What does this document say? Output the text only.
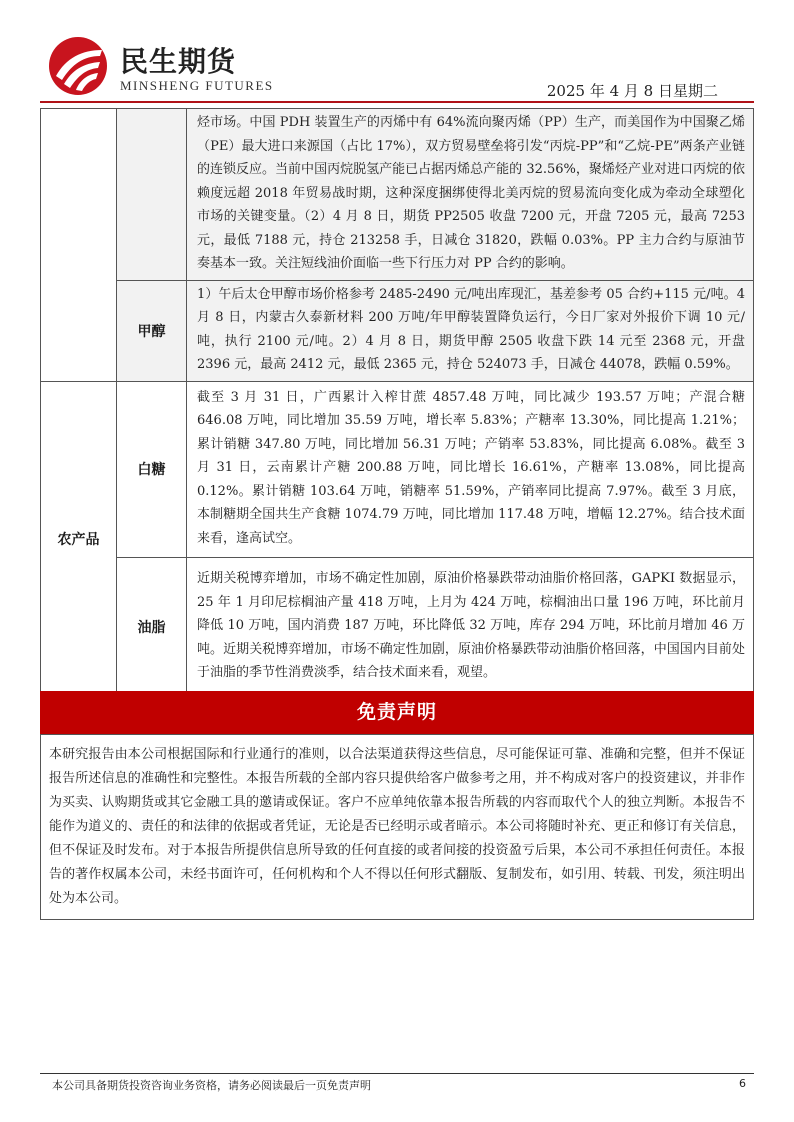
民生期货
MINSHENG FUTURES	2025 年 4 月 8 日星期二
		烃市场。中国 PDH 装置生产的丙烯中有 64%流向聚丙烯（PP）生产，而美国作为中国聚乙烯（PE）最大进口来源国（占比 17%），双方贸易壁垒将引发“丙烷-PP”和“乙烷-PE”两条产业链的连锁反应。当前中国丙烷脱氢产能已占据丙烯总产能的 32.56%，聚烯烃产业对进口丙烷的依赖度远超 2018 年贸易战时期，这种深度捆绑使得北美丙烷的贸易流向变化成为牵动全球塑化市场的关键变量。（2）4 月 8 日，期货 PP2505 收盘 7200 元，开盘 7205 元，最高 7253 元，最低 7188 元，持仓 213258 手，日减仓 31820，跌幅 0.03%。PP 主力合约与原油节奏基本一致。关注短线油价面临一些下行压力对 PP 合约的影响。
	甲醇	1）午后太仓甲醇市场价格参考 2485-2490 元/吨出库现汇，基差参考 05 合约+115 元/吨。4 月 8 日，内蒙古久泰新材料 200 万吨/年甲醇装置降负运行，今日厂家对外报价下调 10 元/吨，执行 2100 元/吨。2）4 月 8 日，期货甲醇 2505 收盘下跌 14 元至 2368 元，开盘 2396 元，最高 2412 元，最低 2365 元，持仓 524073 手，日减仓 44078，跌幅 0.59%。
农产品	白糖	截至 3 月 31 日，广西累计入榨甘蔗 4857.48 万吨，同比减少 193.57 万吨；产混合糖 646.08 万吨，同比增加 35.59 万吨，增长率 5.83%；产糖率 13.30%，同比提高 1.21%；累计销糖 347.80 万吨，同比增加 56.31 万吨；产销率 53.83%，同比提高 6.08%。截至 3 月 31 日，云南累计产糖 200.88 万吨，同比增长 16.61%，产糖率 13.08%，同比提高 0.12%。累计销糖 103.64 万吨，销糖率 51.59%，产销率同比提高 7.97%。截至 3 月底，本制糖期全国共生产食糖 1074.79 万吨，同比增加 117.48 万吨，增幅 12.27%。结合技术面来看，逢高试空。
	油脂	近期关税博弈增加，市场不确定性加剧，原油价格暴跌带动油脂价格回落，GAPKI 数据显示，25 年 1 月印尼棕榈油产量 418 万吨，上月为 424 万吨，棕榈油出口量 196 万吨，环比前月降低 10 万吨，国内消费 187 万吨，环比降低 32 万吨，库存 294 万吨，环比前月增加 46 万吨。近期关税博弈增加，市场不确定性加剧，原油价格暴跌带动油脂价格回落，中国国内目前处于油脂的季节性消费淡季，结合技术面来看，观望。
免责声明
本研究报告由本公司根据国际和行业通行的准则，以合法渠道获得这些信息，尽可能保证可靠、准确和完整，但并不保证报告所述信息的准确性和完整性。本报告所载的全部内容只提供给客户做参考之用，并不构成对客户的投资建议，并非作为买卖、认购期货或其它金融工具的邀请或保证。客户不应单纯依靠本报告所载的内容而取代个人的独立判断。本报告不能作为道义的、责任的和法律的依据或者凭证，无论是否已经明示或者暗示。本公司将随时补充、更正和修订有关信息，但不保证及时发布。对于本报告所提供信息所导致的任何直接的或者间接的投资盈亏后果，本公司不承担任何责任。本报告的著作权属本公司，未经书面许可，任何机构和个人不得以任何形式翻版、复制发布，如引用、转载、刊发，须注明出处为本公司。
本公司具备期货投资咨询业务资格，请务必阅读最后一页免责声明	6
